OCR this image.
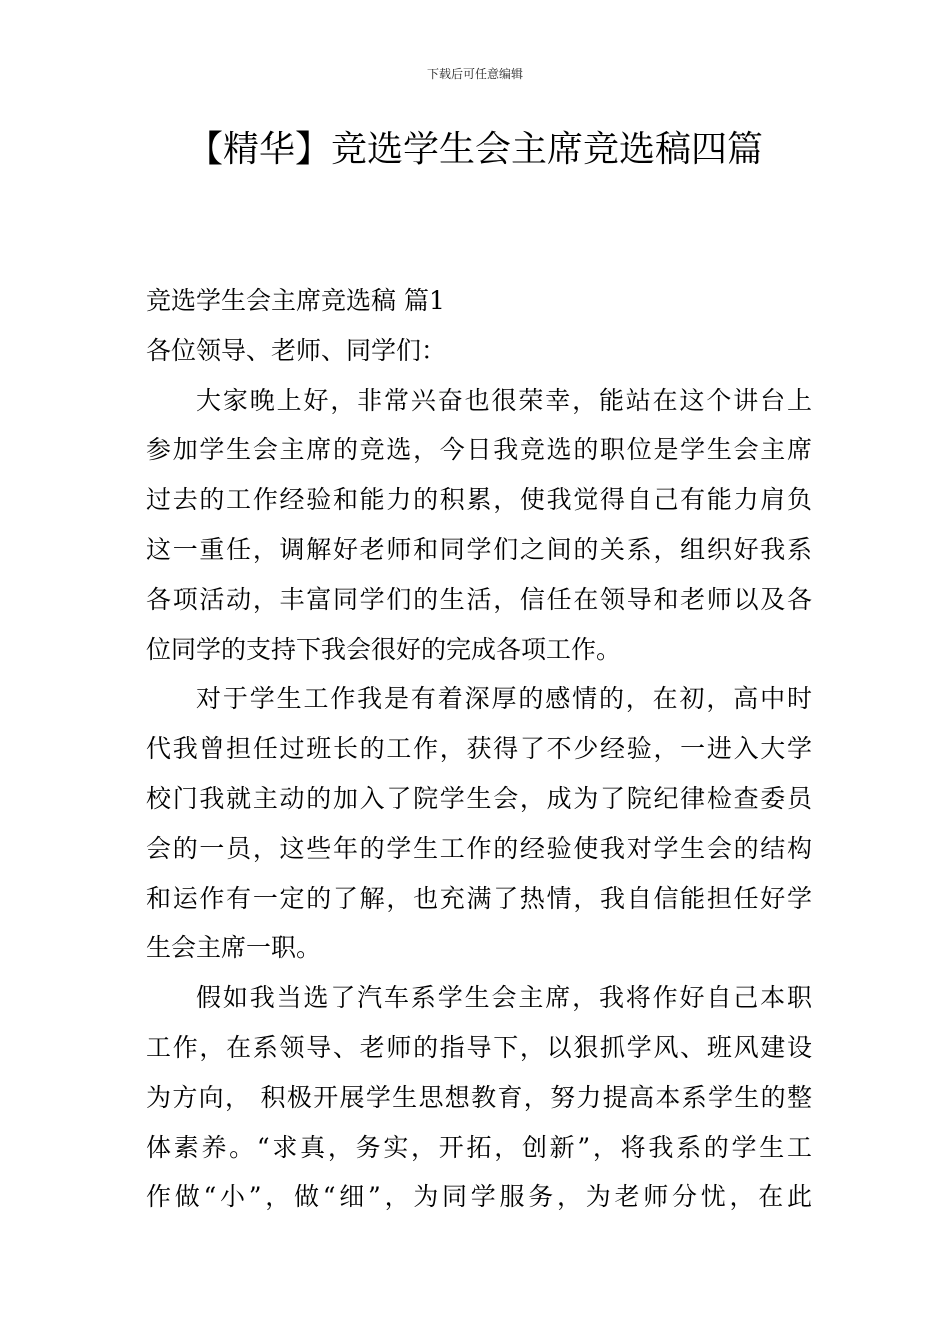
下载后可任意编辑
【精华】竞选学生会主席竞选稿四篇

竞选学生会主席竞选稿 篇1

各位领导、老师、同学们：

大家晚上好，非常兴奋也很荣幸，能站在这个讲台上

参加学生会主席的竞选，今日我竞选的职位是学生会主席

过去的工作经验和能力的积累，使我觉得自己有能力肩负

这一重任，调解好老师和同学们之间的关系，组织好我系

各项活动，丰富同学们的生活，信任在领导和老师以及各

位同学的支持下我会很好的完成各项工作。

对于学生工作我是有着深厚的感情的，在初，高中时

代我曾担任过班长的工作，获得了不少经验，一进入大学

校门我就主动的加入了院学生会，成为了院纪律检查委员

会的一员，这些年的学生工作的经验使我对学生会的结构

和运作有一定的了解，也充满了热情，我自信能担任好学

生会主席一职。

假如我当选了汽车系学生会主席，我将作好自己本职

工作，在系领导、老师的指导下，以狠抓学风、班风建设

为方向， 积极开展学生思想教育，努力提高本系学生的整

体素养。“求真，务实，开拓，创新”，将我系的学生工

作做“小”，做“细”，为同学服务，为老师分忧，在此
